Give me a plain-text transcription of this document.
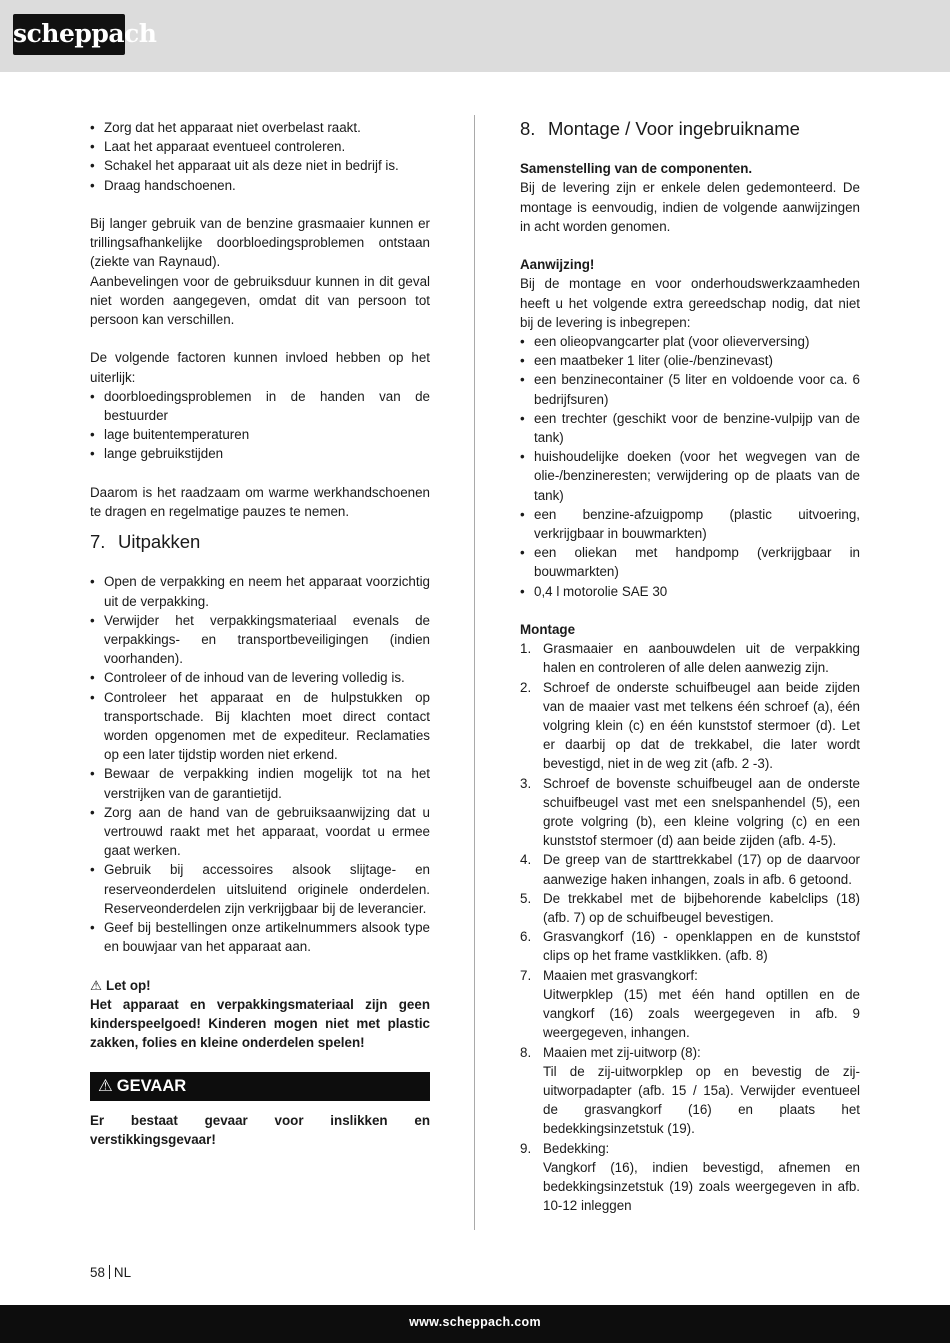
scheppach
• Zorg dat het apparaat niet overbelast raakt.
• Laat het apparaat eventueel controleren.
• Schakel het apparaat uit als deze niet in bedrijf is.
• Draag handschoenen.

Bij langer gebruik van de benzine grasmaaier kunnen er trillingsafhankelijke doorbloedingsproblemen ontstaan (ziekte van Raynaud).

Aanbevelingen voor de gebruiksduur kunnen in dit geval niet worden aangegeven, omdat dit van persoon tot persoon kan verschillen.

De volgende factoren kunnen invloed hebben op het uiterlijk:

• doorbloedingsproblemen in de handen van de bestuurder
• lage buitentemperaturen
• lange gebruikstijden

Daarom is het raadzaam om warme werkhandschoenen te dragen en regelmatige pauzes te nemen.

7. Uitpakken
• Open de verpakking en neem het apparaat voorzichtig uit de verpakking.
• Verwijder het verpakkingsmateriaal evenals de verpakkings- en transportbeveiligingen (indien voorhanden).
• Controleer of de inhoud van de levering volledig is.
• Controleer het apparaat en de hulpstukken op transportschade. Bij klachten moet direct contact worden opgenomen met de expediteur. Reclamaties op een later tijdstip worden niet erkend.
• Bewaar de verpakking indien mogelijk tot na het verstrijken van de garantietijd.
• Zorg aan de hand van de gebruiksaanwijzing dat u vertrouwd raakt met het apparaat, voordat u ermee gaat werken.
• Gebruik bij accessoires alsook slijtage- en reserveonderdelen uitsluitend originele onderdelen. Reserveonderdelen zijn verkrijgbaar bij de leverancier.
• Geef bij bestellingen onze artikelnummers alsook type en bouwjaar van het apparaat aan.

⚠ Let op!

Het apparaat en verpakkingsmateriaal zijn geen kinderspeelgoed! Kinderen mogen niet met plastic zakken, folies en kleine onderdelen spelen!

⚠ GEVAAR

Er bestaat gevaar voor inslikken en verstikkingsgevaar!

8. Montage / Voor ingebruikname

Samenstelling van de componenten.

Bij de levering zijn er enkele delen gedemonteerd. De montage is eenvoudig, indien de volgende aanwijzingen in acht worden genomen.

Aanwijzing!

Bij de montage en voor onderhoudswerkzaamheden heeft u het volgende extra gereedschap nodig, dat niet bij de levering is inbegrepen:

• een olieopvangcarter plat (voor olieverversing)
• een maatbeker 1 liter (olie-/benzinevast)
• een benzinecontainer (5 liter en voldoende voor ca. 6 bedrijfsuren)
• een trechter (geschikt voor de benzine-vulpijp van de tank)
• huishoudelijke doeken (voor het wegvegen van de olie-/benzineresten; verwijdering op de plaats van de tank)
• een benzine-afzuigpomp (plastic uitvoering, verkrijgbaar in bouwmarkten)
• een oliekan met handpomp (verkrijgbaar in bouwmarkten)
• 0,4 l motorolie SAE 30

Montage

1. Grasmaaier en aanbouwdelen uit de verpakking halen en controleren of alle delen aanwezig zijn.
2. Schroef de onderste schuifbeugel aan beide zijden van de maaier vast met telkens één schroef (a), één volgring klein (c) en één kunststof stermoer (d). Let er daarbij op dat de trekkabel, die later wordt bevestigd, niet in de weg zit (afb. 2 -3).
3. Schroef de bovenste schuifbeugel aan de onderste schuifbeugel vast met een snelspanhendel (5), een grote volgring (b), een kleine volgring (c) en een kunststof stermoer (d) aan beide zijden (afb. 4-5).
4. De greep van de starttrekkabel (17) op de daarvoor aanwezige haken inhangen, zoals in afb. 6 getoond.
5. De trekkabel met de bijbehorende kabelclips (18) (afb. 7) op de schuifbeugel bevestigen.
6. Grasvangkorf (16) - openklappen en de kunststof clips op het frame vastklikken. (afb. 8)
7. Maaien met grasvangkorf:
Uitwerpklep (15) met één hand optillen en de vangkorf (16) zoals weergegeven in afb. 9 weergegeven, inhangen.
8. Maaien met zij-uitworp (8):
Til de zij-uitworpklep op en bevestig de zij-uitworpadapter (afb. 15 / 15a). Verwijder eventueel de grasvangkorf (16) en plaats het bedekkingsinzetstuk (19).
9. Bedekking:
Vangkorf (16), indien bevestigd, afnemen en bedekkingsinzetstuk (19) zoals weergegeven in afb. 10-12 inleggen
58 NL
www.scheppach.com
